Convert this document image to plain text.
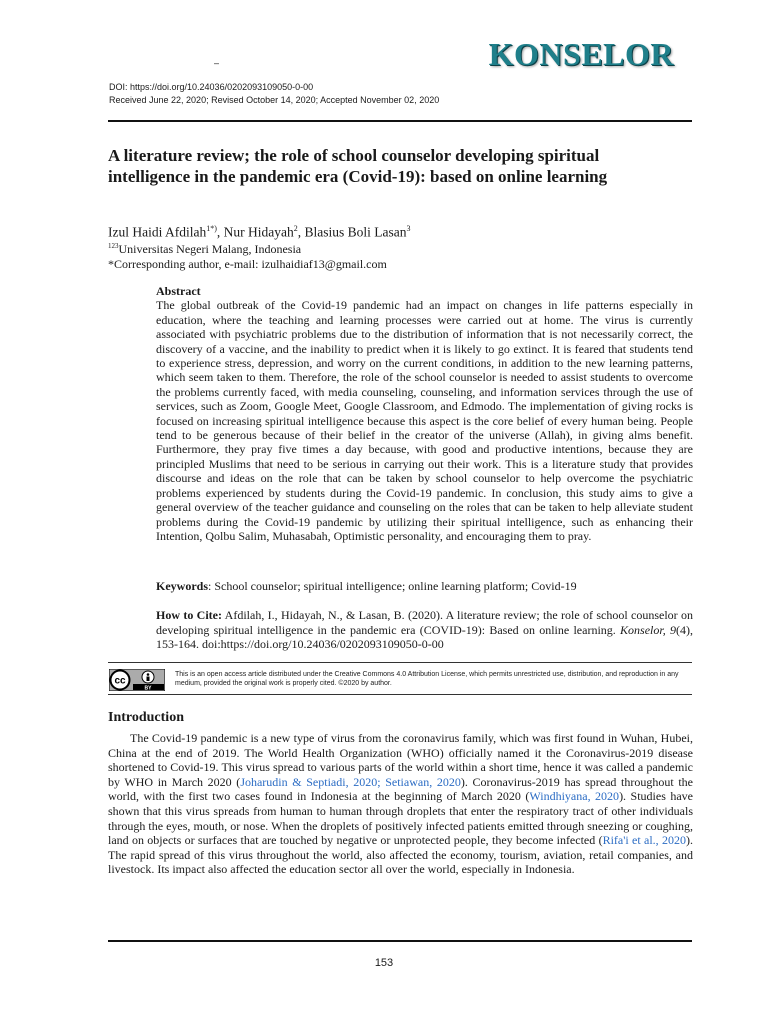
KONSELOR
–
DOI: https://doi.org/10.24036/0202093109050-0-00
Received June 22, 2020; Revised October 14, 2020; Accepted November 02, 2020
A literature review; the role of school counselor developing spiritual intelligence in the pandemic era (Covid-19): based on online learning
Izul Haidi Afdilah$^{1*)}$, Nur Hidayah$^2$, Blasius Boli Lasan$^3$
$^{123}$Universitas Negeri Malang, Indonesia
*Corresponding author, e-mail: izulhaidiaf13@gmail.com
Abstract
The global outbreak of the Covid-19 pandemic had an impact on changes in life patterns especially in education, where the teaching and learning processes were carried out at home. The virus is currently associated with psychiatric problems due to the distribution of information that is not necessarily correct, the discovery of a vaccine, and the inability to predict when it is likely to go extinct. It is feared that students tend to experience stress, depression, and worry on the current conditions, in addition to the new learning patterns, which seem taken to them. Therefore, the role of the school counselor is needed to assist students to overcome the problems currently faced, with media counseling, counseling, and information services through the use of services, such as Zoom, Google Meet, Google Classroom, and Edmodo. The implementation of giving rocks is focused on increasing spiritual intelligence because this aspect is the core belief of every human being. People tend to be generous because of their belief in the creator of the universe (Allah), in giving alms benefit. Furthermore, they pray five times a day because, with good and productive intentions, because they are principled Muslims that need to be serious in carrying out their work. This is a literature study that provides discourse and ideas on the role that can be taken by school counselor to help overcome the psychiatric problems experienced by students during the Covid-19 pandemic. In conclusion, this study aims to give a general overview of the teacher guidance and counseling on the roles that can be taken to help alleviate student problems during the Covid-19 pandemic by utilizing their spiritual intelligence, such as enhancing their Intention, Qolbu Salim, Muhasabah, Optimistic personality, and encouraging them to pray.
Keywords: School counselor; spiritual intelligence; online learning platform; Covid-19
How to Cite: Afdilah, I., Hidayah, N., & Lasan, B. (2020). A literature review; the role of school counselor on developing spiritual intelligence in the pandemic era (COVID-19): Based on online learning. Konselor, 9(4), 153-164. doi:https://doi.org/10.24036/0202093109050-0-00
cc
BY
This is an open access article distributed under the Creative Commons 4.0 Attribution License, which permits unrestricted use, distribution, and reproduction in any medium, provided the original work is properly cited. ©2020 by author.
Introduction
The Covid-19 pandemic is a new type of virus from the coronavirus family, which was first found in Wuhan, Hubei, China at the end of 2019. The World Health Organization (WHO) officially named it the Coronavirus-2019 disease shortened to Covid-19. This virus spread to various parts of the world within a short time, hence it was called a pandemic by WHO in March 2020 (Joharudin & Septiadi, 2020; Setiawan, 2020). Coronavirus-2019 has spread throughout the world, with the first two cases found in Indonesia at the beginning of March 2020 (Windhiyana, 2020). Studies have shown that this virus spreads from human to human through droplets that enter the respiratory tract of other individuals through the eyes, mouth, or nose. When the droplets of positively infected patients emitted through sneezing or coughing, land on objects or surfaces that are touched by negative or unprotected people, they become infected (Rifa'i et al., 2020). The rapid spread of this virus throughout the world, also affected the economy, tourism, aviation, retail companies, and livestock. Its impact also affected the education sector all over the world, especially in Indonesia.
153
